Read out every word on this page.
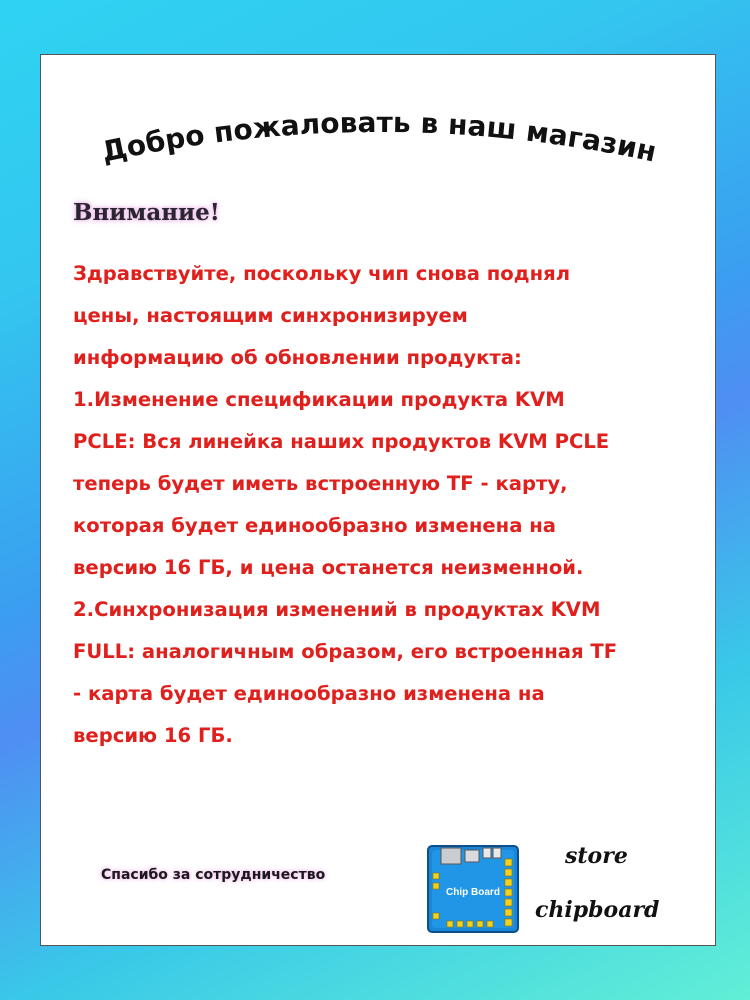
Добро пожаловать в наш магазин
Внимание!
Здравствуйте, поскольку чип снова поднял
цены, настоящим синхронизируем
информацию об обновлении продукта:
1.Изменение спецификации продукта KVM
PCLE: Вся линейка наших продуктов KVM PCLE
теперь будет иметь встроенную TF - карту,
которая будет единообразно изменена на
версию 16 ГБ, и цена останется неизменной.
2.Синхронизация изменений в продуктах KVM
FULL: аналогичным образом, его встроенная TF
- карта будет единообразно изменена на
версию 16 ГБ.
Спасибо за сотрудничество
Chip Board
store
chipboard
